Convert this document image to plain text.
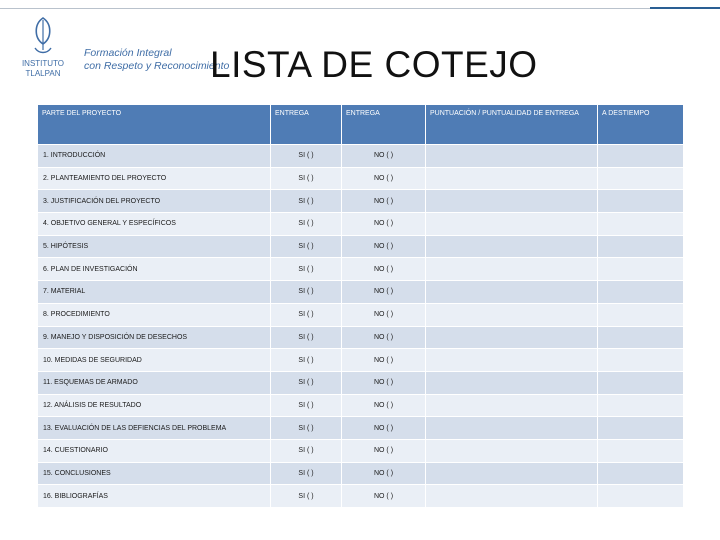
INSTITUTO
TLALPAN
Formación Integral
con Respeto y Reconocimiento
LISTA DE COTEJO
PARTE DEL PROYECTO	ENTREGA	ENTREGA	PUNTUACIÓN / PUNTUALIDAD DE ENTREGA	A DESTIEMPO
1. INTRODUCCIÓN	SI ( )	NO ( )		
2. PLANTEAMIENTO DEL PROYECTO	SI ( )	NO ( )		
3. JUSTIFICACIÓN DEL PROYECTO	SI ( )	NO ( )		
4. OBJETIVO GENERAL Y ESPECÍFICOS	SI ( )	NO ( )		
5. HIPÓTESIS	SI ( )	NO ( )		
6. PLAN DE INVESTIGACIÓN	SI ( )	NO ( )		
7. MATERIAL	SI ( )	NO ( )		
8. PROCEDIMIENTO	SI ( )	NO ( )		
9. MANEJO Y DISPOSICIÓN DE DESECHOS	SI ( )	NO ( )		
10. MEDIDAS DE SEGURIDAD	SI ( )	NO ( )		
11. ESQUEMAS DE ARMADO	SI ( )	NO ( )		
12. ANÁLISIS DE RESULTADO	SI ( )	NO ( )		
13. EVALUACIÓN DE LAS DEFIENCIAS DEL PROBLEMA	SI ( )	NO ( )		
14. CUESTIONARIO	SI ( )	NO ( )		
15. CONCLUSIONES	SI ( )	NO ( )		
16. BIBLIOGRAFÍAS	SI ( )	NO ( )		
